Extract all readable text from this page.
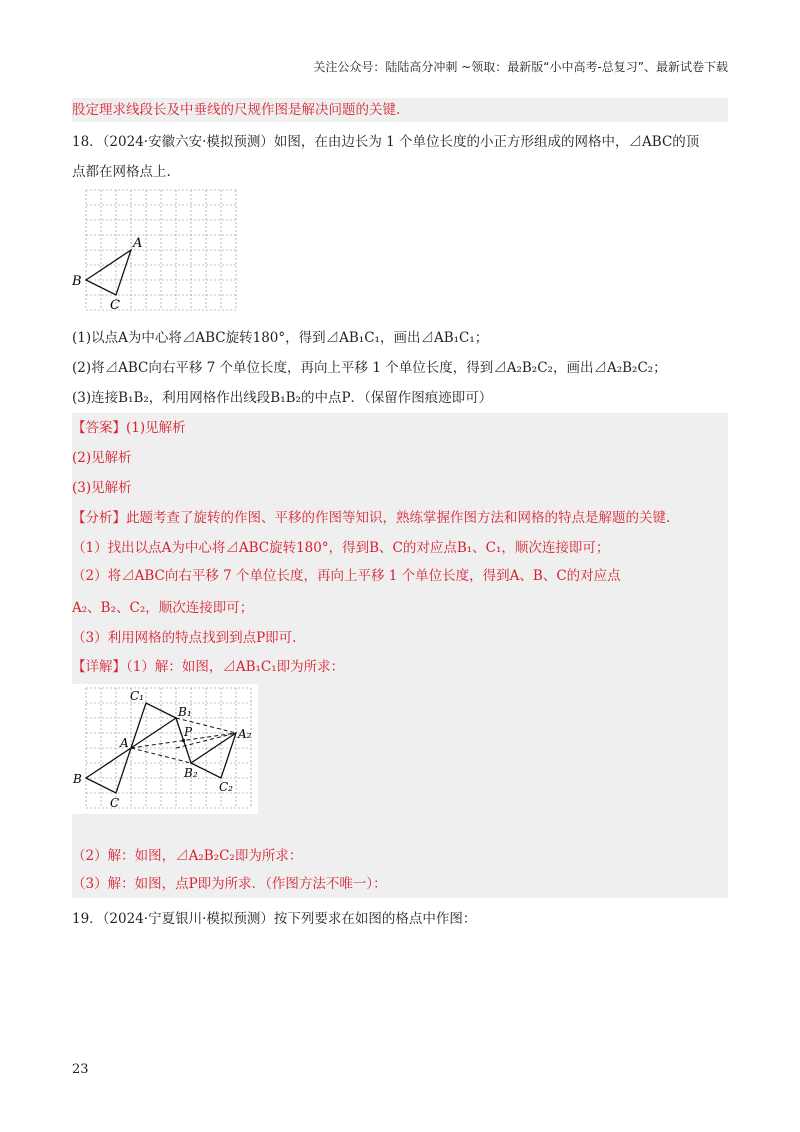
关注公众号：陆陆高分冲刺 ~领取：最新版“小中高考-总复习”、最新试卷下载
股定理求线段长及中垂线的尺规作图是解决问题的关键.
18．（2024·安徽六安·模拟预测）如图，在由边长为 1 个单位长度的小正方形组成的网格中，⊿ABC的顶
点都在网格点上.
A
B
C
(1)以点A为中心将⊿ABC旋转180°，得到⊿AB₁C₁，画出⊿AB₁C₁；
(2)将⊿ABC向右平移 7 个单位长度，再向上平移 1 个单位长度，得到⊿A₂B₂C₂，画出⊿A₂B₂C₂；
(3)连接B₁B₂，利用网格作出线段B₁B₂的中点P．（保留作图痕迹即可）
【答案】(1)见解析
(2)见解析
(3)见解析
【分析】此题考查了旋转的作图、平移的作图等知识，熟练掌握作图方法和网格的特点是解题的关键.
（1）找出以点A为中心将⊿ABC旋转180°，得到B、C的对应点B₁、C₁，顺次连接即可；
（2）将⊿ABC向右平移 7 个单位长度，再向上平移 1 个单位长度，得到A、B、C的对应点
A₂、B₂、C₂，顺次连接即可；
（3）利用网格的特点找到到点P即可.
【详解】（1）解：如图，⊿AB₁C₁即为所求：
C₁
B₁
P
A
A₂
B₂
C₂
B
C
（2）解：如图，⊿A₂B₂C₂即为所求：
（3）解：如图，点P即为所求．（作图方法不唯一）：
19．（2024·宁夏银川·模拟预测）按下列要求在如图的格点中作图：
23
